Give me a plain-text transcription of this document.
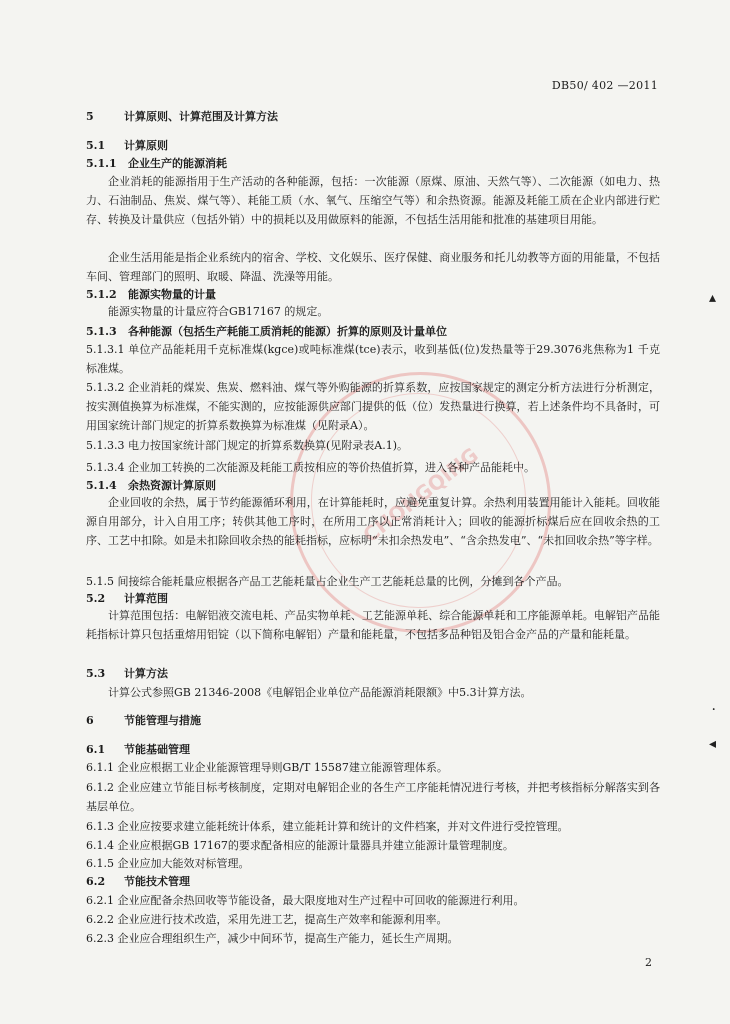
DB50/ 402 —2011
CHONGQING
5	计算原则、计算范围及计算方法
5.1 计算原则
5.1.1 企业生产的能源消耗
企业消耗的能源指用于生产活动的各种能源，包括：一次能源（原煤、原油、天然气等）、二次能源（如电力、热力、石油制品、焦炭、煤气等）、耗能工质（水、氧气、压缩空气等）和余热资源。能源及耗能工质在企业内部进行贮存、转换及计量供应（包括外销）中的损耗以及用做原料的能源，不包括生活用能和批准的基建项目用能。
企业生活用能是指企业系统内的宿舍、学校、文化娱乐、医疗保健、商业服务和托儿幼教等方面的用能量，不包括车间、管理部门的照明、取暖、降温、洗澡等用能。
5.1.2 能源实物量的计量
能源实物量的计量应符合GB17167 的规定。
5.1.3 各种能源（包括生产耗能工质消耗的能源）折算的原则及计量单位
5.1.3.1 单位产品能耗用千克标准煤(kgce)或吨标准煤(tce)表示，收到基低(位)发热量等于29.3076兆焦称为1 千克标准煤。
5.1.3.2 企业消耗的煤炭、焦炭、燃料油、煤气等外购能源的折算系数，应按国家规定的测定分析方法进行分析测定，按实测值换算为标准煤，不能实测的，应按能源供应部门提供的低（位）发热量进行换算，若上述条件均不具备时，可用国家统计部门规定的折算系数换算为标准煤（见附录A）。
5.1.3.3 电力按国家统计部门规定的折算系数换算(见附录表A.1)。
5.1.3.4 企业加工转换的二次能源及耗能工质按相应的等价热值折算，进入各种产品能耗中。
5.1.4 余热资源计算原则
企业回收的余热，属于节约能源循环利用，在计算能耗时，应避免重复计算。余热利用装置用能计入能耗。回收能源自用部分，计入自用工序；转供其他工序时，在所用工序以正常消耗计入；回收的能源折标煤后应在回收余热的工序、工艺中扣除。如是未扣除回收余热的能耗指标，应标明“未扣余热发电”、“含余热发电”、“未扣回收余热”等字样。
5.1.5 间接综合能耗量应根据各产品工艺能耗量占企业生产工艺能耗总量的比例，分摊到各个产品。
5.2 计算范围
计算范围包括：电解铝液交流电耗、产品实物单耗、工艺能源单耗、综合能源单耗和工序能源单耗。电解铝产品能耗指标计算只包括重熔用铝锭（以下简称电解铝）产量和能耗量，不包括多品种铝及铝合金产品的产量和能耗量。
5.3 计算方法
计算公式参照GB 21346-2008《电解铝企业单位产品能源消耗限额》中5.3计算方法。
6	节能管理与措施
6.1 节能基础管理
6.1.1 企业应根据工业企业能源管理导则GB/T 15587建立能源管理体系。
6.1.2 企业应建立节能目标考核制度，定期对电解铝企业的各生产工序能耗情况进行考核，并把考核指标分解落实到各基层单位。
6.1.3 企业应按要求建立能耗统计体系，建立能耗计算和统计的文件档案，并对文件进行受控管理。
6.1.4 企业应根据GB 17167的要求配备相应的能源计量器具并建立能源计量管理制度。
6.1.5 企业应加大能效对标管理。
6.2 节能技术管理
6.2.1 企业应配备余热回收等节能设备，最大限度地对生产过程中可回收的能源进行利用。
6.2.2 企业应进行技术改造，采用先进工艺，提高生产效率和能源利用率。
6.2.3 企业应合理组织生产，减少中间环节，提高生产能力，延长生产周期。
2
▴
·
◂
